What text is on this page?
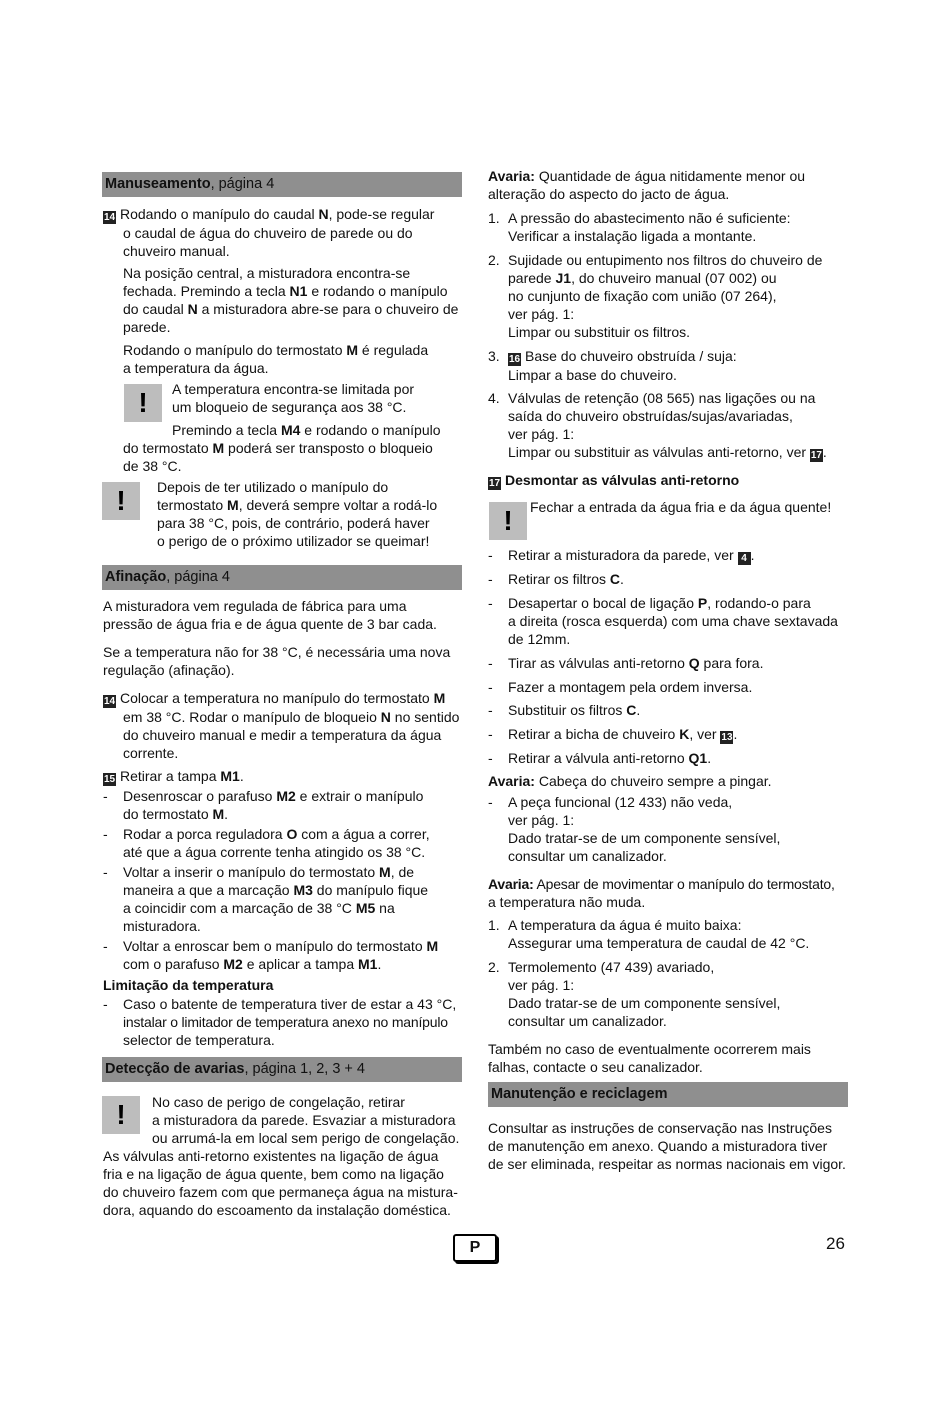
Manuseamento, página 4
14 Rodando o manípulo do caudal N, pode-se regular
o caudal de água do chuveiro de parede ou do
chuveiro manual.
Na posição central, a misturadora encontra-se
fechada. Premindo a tecla N1 e rodando o manípulo
do caudal N a misturadora abre-se para o chuveiro de
parede.
Rodando o manípulo do termostato M é regulada
a temperatura da água.
!	A temperatura encontra-se limitada por
um bloqueio de segurança aos 38 °C.
Premindo a tecla M4 e rodando o manípulo
do termostato M poderá ser transposto o bloqueio
de 38 °C.
!	Depois de ter utilizado o manípulo do
termostato M, deverá sempre voltar a rodá-lo
para 38 °C, pois, de contrário, poderá haver
o perigo de o próximo utilizador se queimar!
Afinação, página 4
A misturadora vem regulada de fábrica para uma
pressão de água fria e de água quente de 3 bar cada.
Se a temperatura não for 38 °C, é necessária uma nova
regulação (afinação).
14 Colocar a temperatura no manípulo do termostato M
em 38 °C. Rodar o manípulo de bloqueio N no sentido
do chuveiro manual e medir a temperatura da água
corrente.
15 Retirar a tampa M1.
-	Desenroscar o parafuso M2 e extrair o manípulo
do termostato M.
-	Rodar a porca reguladora O com a água a correr,
até que a água corrente tenha atingido os 38 °C.
-	Voltar a inserir o manípulo do termostato M, de
maneira a que a marcação M3 do manípulo fique
a coincidir com a marcação de 38 °C M5 na
misturadora.
-	Voltar a enroscar bem o manípulo do termostato M
com o parafuso M2 e aplicar a tampa M1.
Limitação da temperatura
-	Caso o batente de temperatura tiver de estar a 43 °C,
instalar o limitador de temperatura anexo no manípulo
selector de temperatura.
Detecção de avarias, página 1, 2, 3 + 4
!	No caso de perigo de congelação, retirar
a misturadora da parede. Esvaziar a misturadora
ou arrumá-la em local sem perigo de congelação.
As válvulas anti-retorno existentes na ligação de água
fria e na ligação de água quente, bem como na ligação
do chuveiro fazem com que permaneça água na mistura-
dora, aquando do escoamento da instalação doméstica.
Avaria: Quantidade de água nitidamente menor ou
alteração do aspecto do jacto de água.
1. A pressão do abastecimento não é suficiente:
Verificar a instalação ligada a montante.
2. Sujidade ou entupimento nos filtros do chuveiro de
parede J1, do chuveiro manual (07 002) ou
no cunjunto de fixação com união (07 264),
ver pág. 1:
Limpar ou substituir os filtros.
3. 16 Base do chuveiro obstruída / suja:
Limpar a base do chuveiro.
4. Válvulas de retenção (08 565) nas ligações ou na
saída do chuveiro obstruídas/sujas/avariadas,
ver pág. 1:
Limpar ou substituir as válvulas anti-retorno, ver 17.
17 Desmontar as válvulas anti-retorno
!	Fechar a entrada da água fria e da água quente!
-	Retirar a misturadora da parede, ver 4 .
-	Retirar os filtros C.
-	Desapertar o bocal de ligação P, rodando-o para
a direita (rosca esquerda) com uma chave sextavada
de 12mm.
-	Tirar as válvulas anti-retorno Q para fora.
-	Fazer a montagem pela ordem inversa.
-	Substituir os filtros C.
-	Retirar a bicha de chuveiro K, ver 13.
-	Retirar a válvula anti-retorno Q1.
Avaria: Cabeça do chuveiro sempre a pingar.
-	A peça funcional (12 433) não veda,
ver pág. 1:
Dado tratar-se de um componente sensível,
consultar um canalizador.
Avaria: Apesar de movimentar o manípulo do termostato,
a temperatura não muda.
1. A temperatura da água é muito baixa:
Assegurar uma temperatura de caudal de 42 °C.
2. Termolemento (47 439) avariado,
ver pág. 1:
Dado tratar-se de um componente sensível,
consultar um canalizador.
Também no caso de eventualmente ocorrerem mais
falhas, contacte o seu canalizador.
Manutenção e reciclagem
Consultar as instruções de conservação nas Instruções
de manutenção em anexo. Quando a misturadora tiver
de ser eliminada, respeitar as normas nacionais em vigor.
P	26
